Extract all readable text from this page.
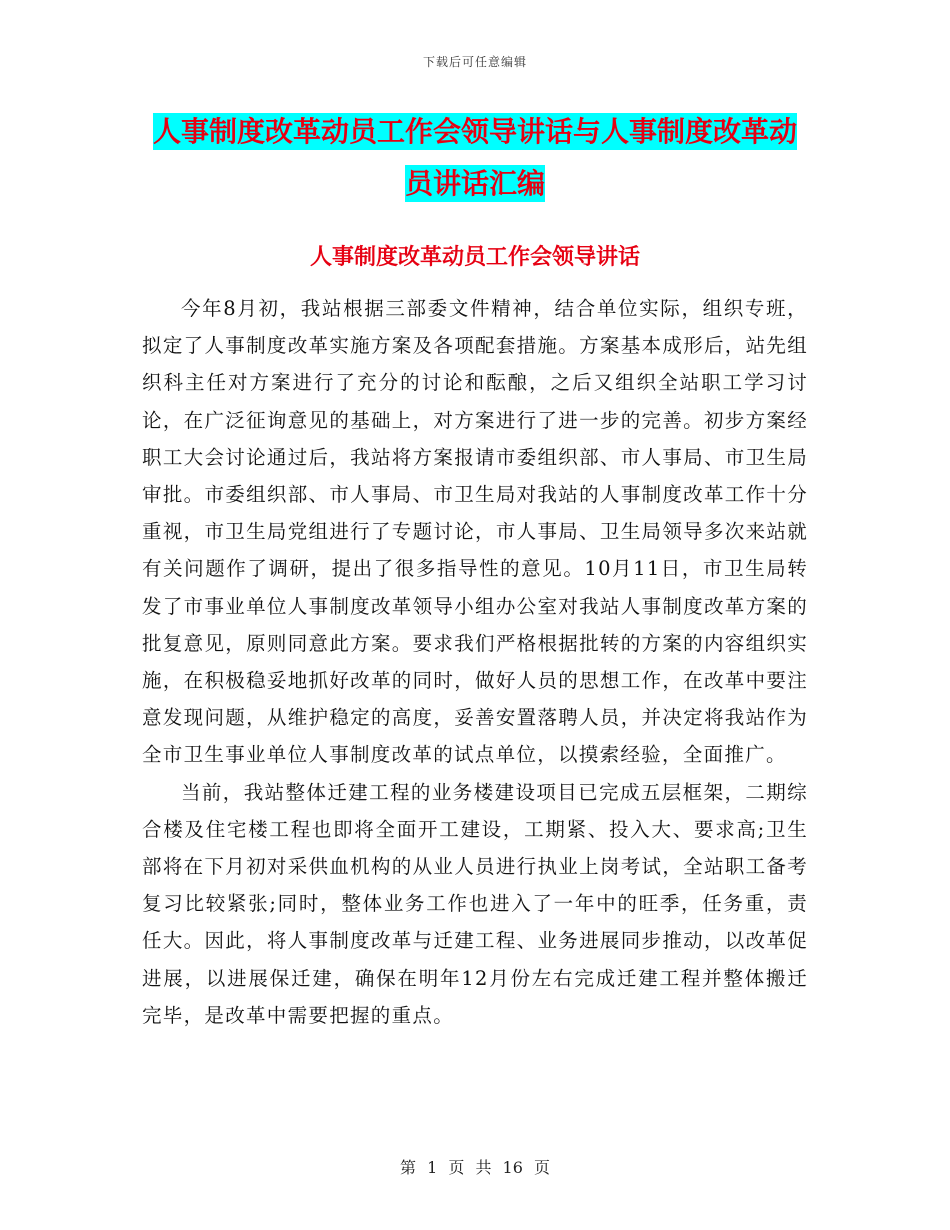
下载后可任意编辑
人事制度改革动员工作会领导讲话与人事制度改革动
员讲话汇编
人事制度改革动员工作会领导讲话

今年8月初，我站根据三部委文件精神，结合单位实际，组织专班，拟定了人事制度改革实施方案及各项配套措施。方案基本成形后，站先组织科主任对方案进行了充分的讨论和酝酿，之后又组织全站职工学习讨论，在广泛征询意见的基础上，对方案进行了进一步的完善。初步方案经职工大会讨论通过后，我站将方案报请市委组织部、市人事局、市卫生局审批。市委组织部、市人事局、市卫生局对我站的人事制度改革工作十分重视，市卫生局党组进行了专题讨论，市人事局、卫生局领导多次来站就有关问题作了调研，提出了很多指导性的意见。10月11日，市卫生局转发了市事业单位人事制度改革领导小组办公室对我站人事制度改革方案的批复意见，原则同意此方案。要求我们严格根据批转的方案的内容组织实施，在积极稳妥地抓好改革的同时，做好人员的思想工作，在改革中要注意发现问题，从维护稳定的高度，妥善安置落聘人员，并决定将我站作为全市卫生事业单位人事制度改革的试点单位，以摸索经验，全面推广。

当前，我站整体迁建工程的业务楼建设项目已完成五层框架，二期综合楼及住宅楼工程也即将全面开工建设，工期紧、投入大、要求高;卫生部将在下月初对采供血机构的从业人员进行执业上岗考试，全站职工备考复习比较紧张;同时，整体业务工作也进入了一年中的旺季，任务重，责任大。因此，将人事制度改革与迁建工程、业务进展同步推动，以改革促进展，以进展保迁建，确保在明年12月份左右完成迁建工程并整体搬迁完毕，是改革中需要把握的重点。

第 1 页 共 16 页
